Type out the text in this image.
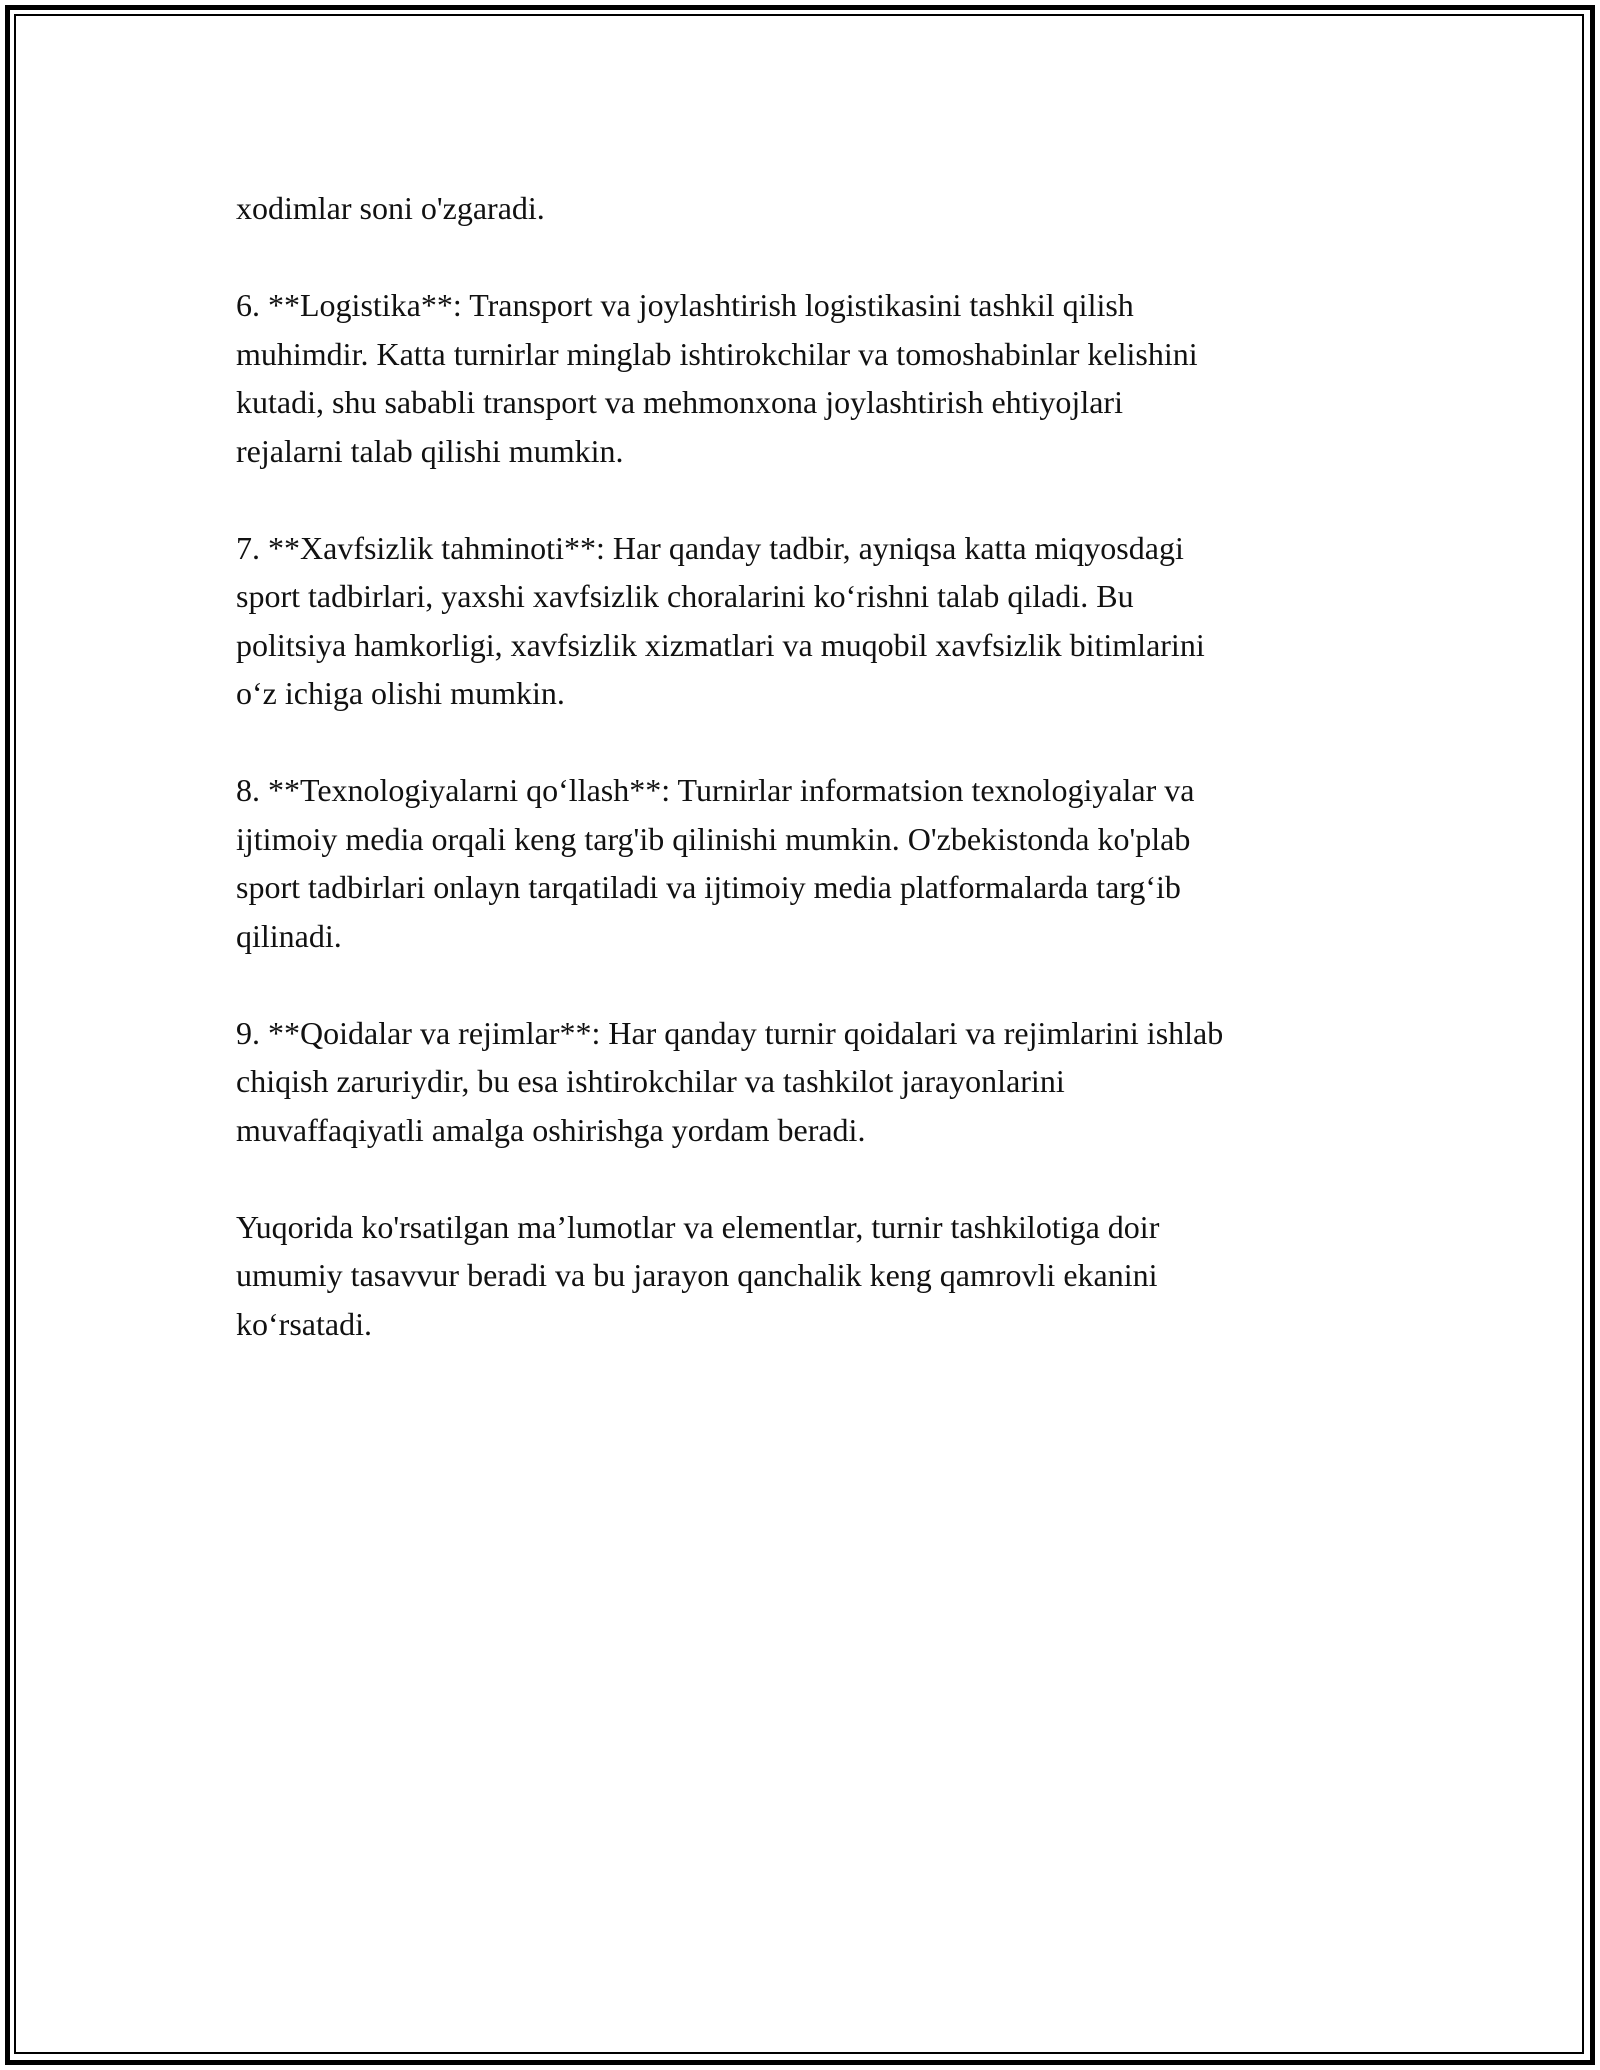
xodimlar soni o'zgaradi.

6. **Logistika**: Transport va joylashtirish logistikasini tashkil qilish
muhimdir. Katta turnirlar minglab ishtirokchilar va tomoshabinlar kelishini
kutadi, shu sababli transport va mehmonxona joylashtirish ehtiyojlari
rejalarni talab qilishi mumkin.

7. **Xavfsizlik tahminoti**: Har qanday tadbir, ayniqsa katta miqyosdagi
sport tadbirlari, yaxshi xavfsizlik choralarini ko‘rishni talab qiladi. Bu
politsiya hamkorligi, xavfsizlik xizmatlari va muqobil xavfsizlik bitimlarini
o‘z ichiga olishi mumkin.

8. **Texnologiyalarni qo‘llash**: Turnirlar informatsion texnologiyalar va
ijtimoiy media orqali keng targ'ib qilinishi mumkin. O'zbekistonda ko'plab
sport tadbirlari onlayn tarqatiladi va ijtimoiy media platformalarda targ‘ib
qilinadi.

9. **Qoidalar va rejimlar**: Har qanday turnir qoidalari va rejimlarini ishlab
chiqish zaruriydir, bu esa ishtirokchilar va tashkilot jarayonlarini
muvaffaqiyatli amalga oshirishga yordam beradi.

Yuqorida ko'rsatilgan ma’lumotlar va elementlar, turnir tashkilotiga doir
umumiy tasavvur beradi va bu jarayon qanchalik keng qamrovli ekanini
ko‘rsatadi.
